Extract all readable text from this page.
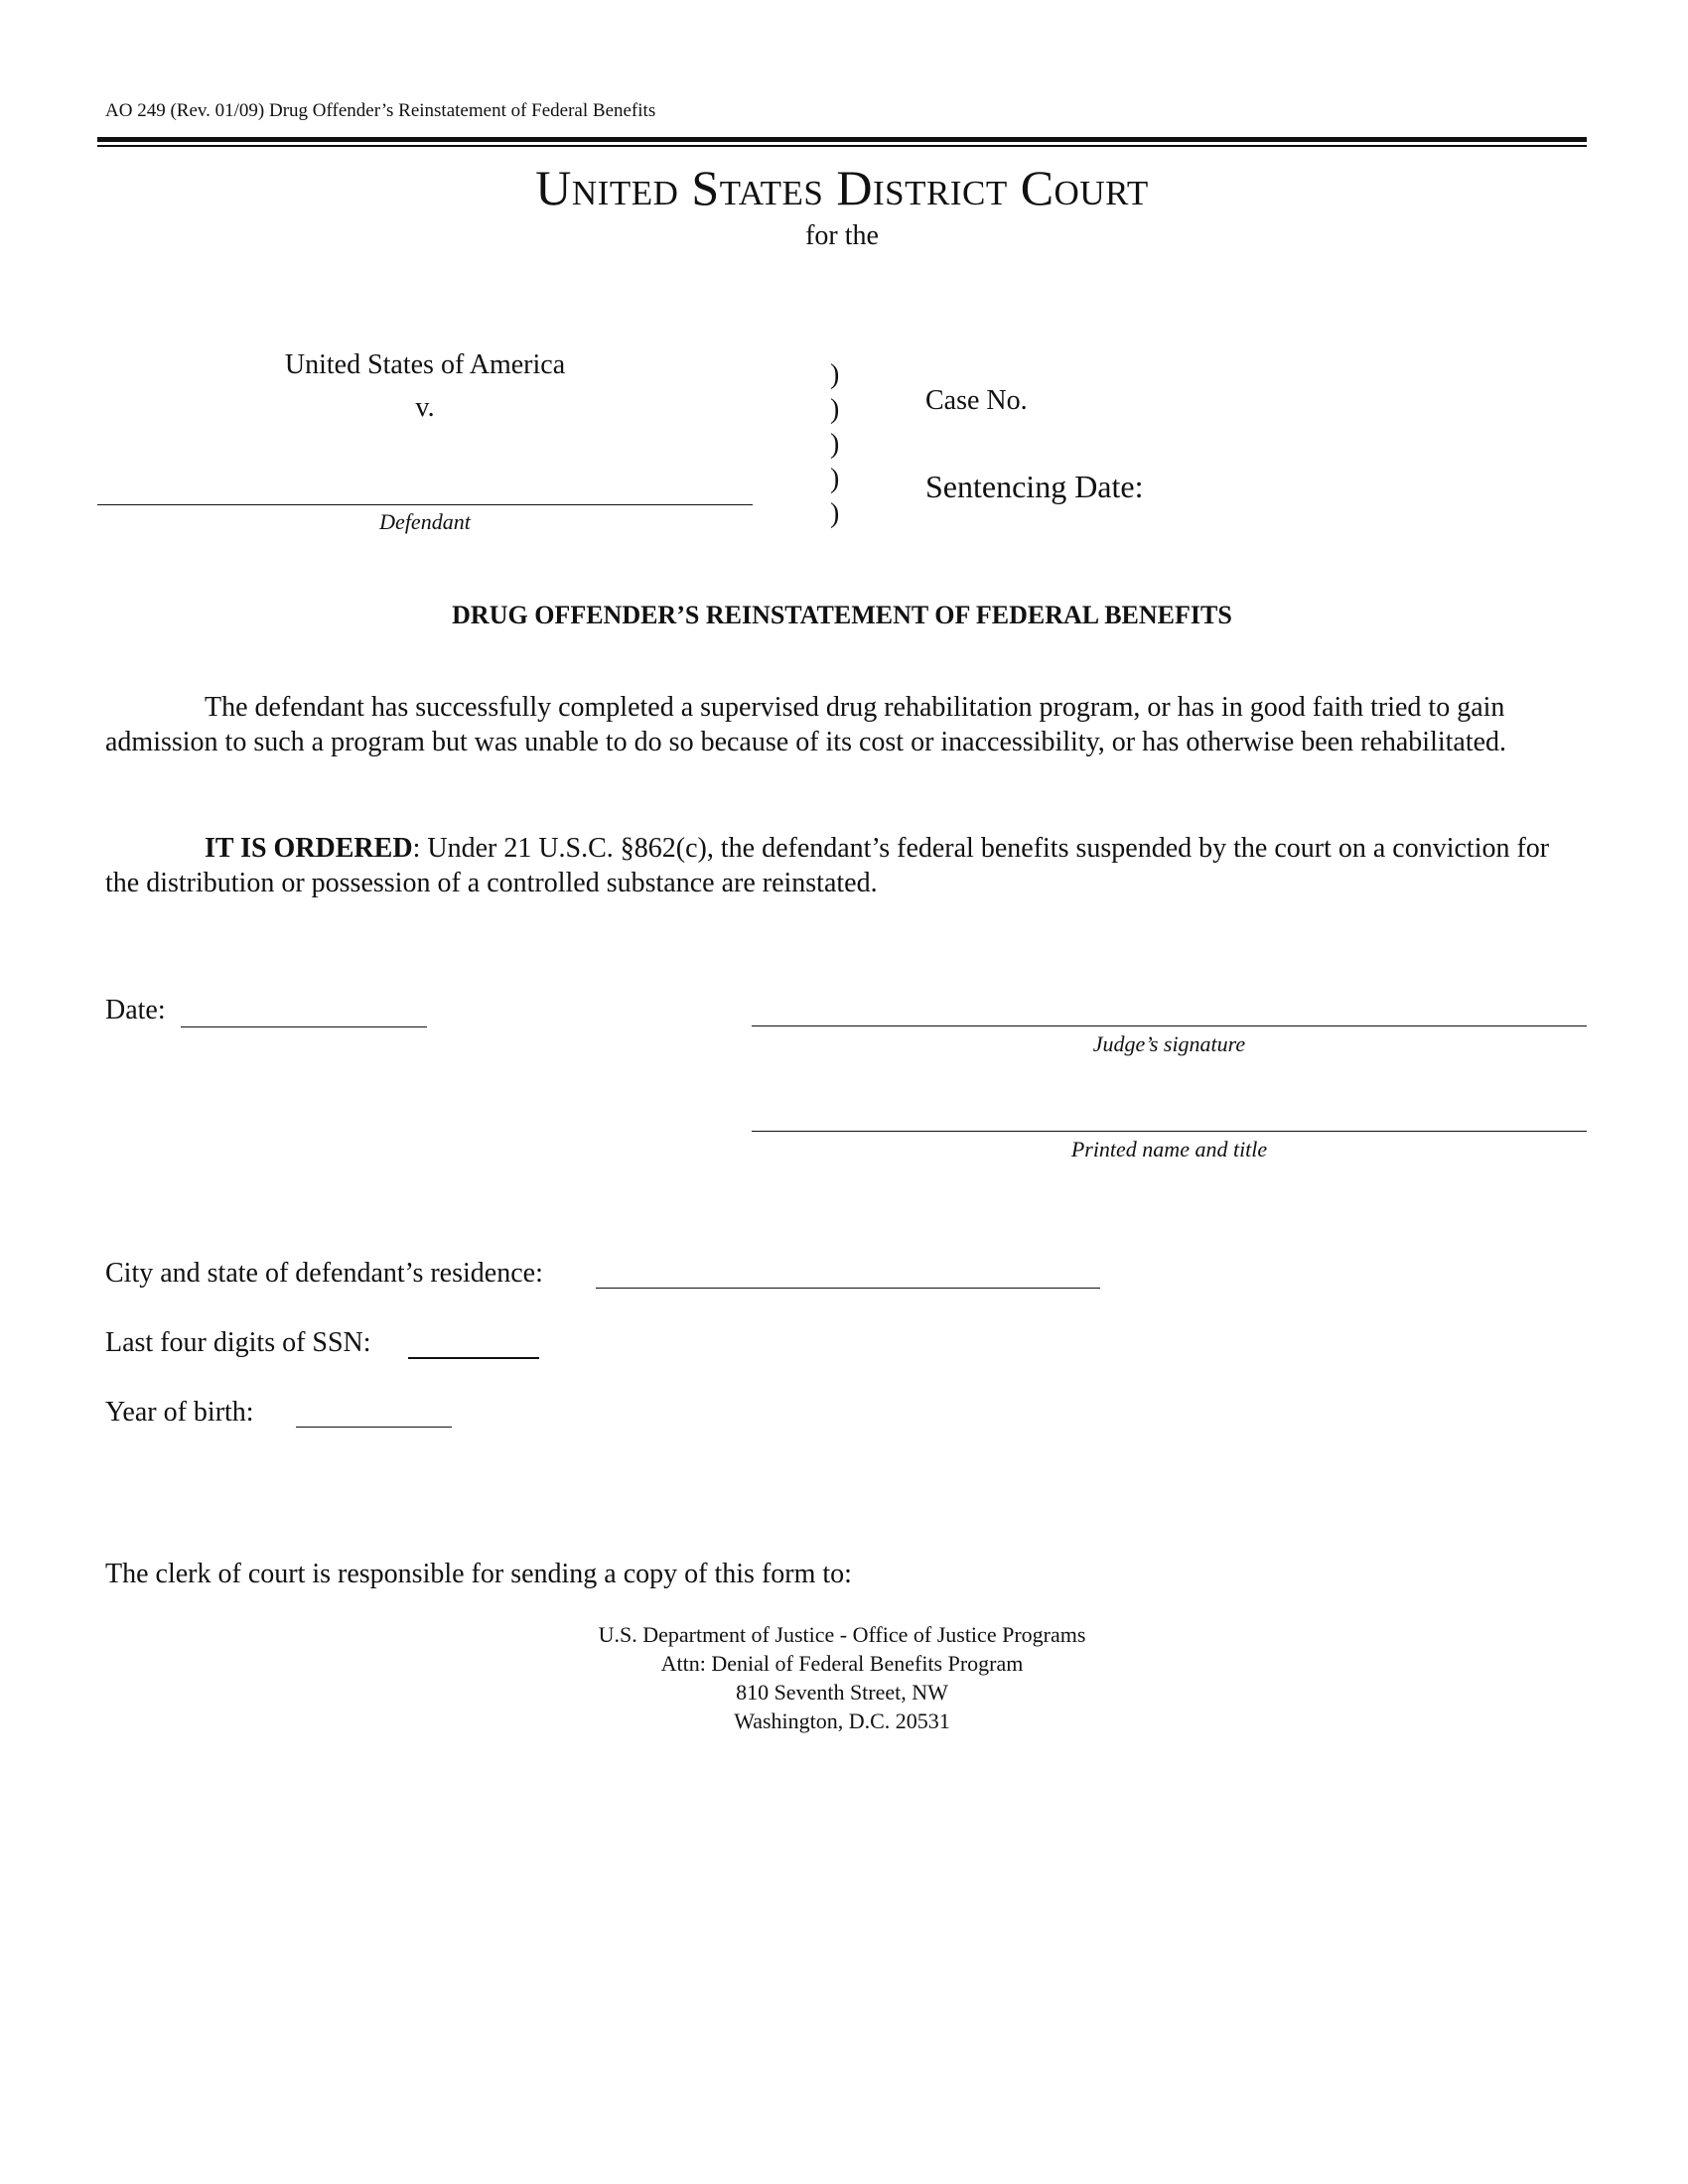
AO 249 (Rev. 01/09) Drug Offender’s Reinstatement of Federal Benefits
United States District Court
for the
United States of America
v.
Defendant
)
)
)
)
)
Case No.
Sentencing Date:
DRUG OFFENDER’S REINSTATEMENT OF FEDERAL BENEFITS

The defendant has successfully completed a supervised drug rehabilitation program, or has in good faith tried to gain admission to such a program but was unable to do so because of its cost or inaccessibility, or has otherwise been rehabilitated.

IT IS ORDERED: Under 21 U.S.C. §862(c), the defendant’s federal benefits suspended by the court on a conviction for the distribution or possession of a controlled substance are reinstated.

Date:
Judge’s signature
Printed name and title
City and state of defendant’s residence:
Last four digits of SSN:
Year of birth:
The clerk of court is responsible for sending a copy of this form to:
U.S. Department of Justice - Office of Justice Programs
Attn: Denial of Federal Benefits Program
810 Seventh Street, NW
Washington, D.C. 20531
